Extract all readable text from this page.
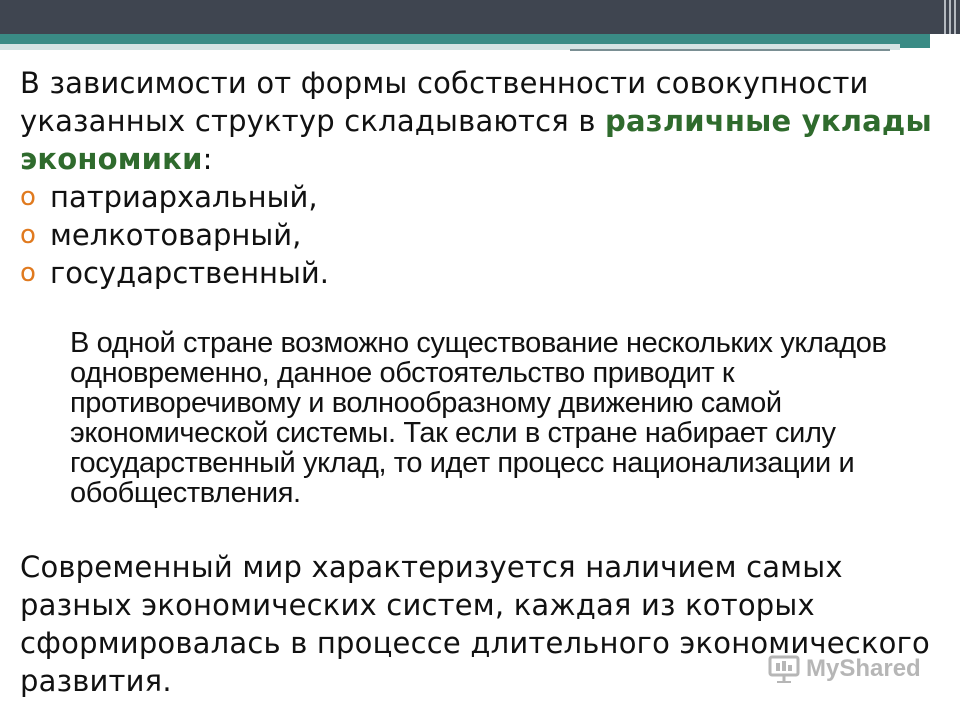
В зависимости от формы собственности совокупности указанных структур складываются в различные уклады экономики:

o патриархальный,
o мелкотоварный,
o государственный.

В одной стране возможно существование нескольких укладов одновременно, данное обстоятельство приводит к противоречивому и волнообразному движению самой экономической системы. Так если в стране набирает силу государственный уклад, то идет процесс национализации и обобществления.

Современный мир характеризуется наличием самых разных экономических систем, каждая из которых сформировалась в процессе длительного экономического развития.	MyShared
